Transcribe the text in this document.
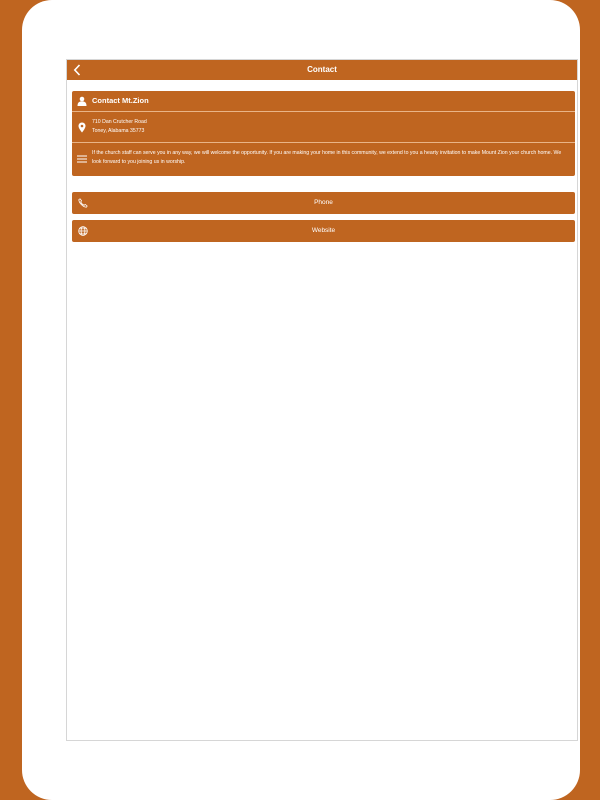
Contact
Contact Mt.Zion
710 Dan Crutcher Road
Toney, Alabama 35773
If the church staff can serve you in any way, we will welcome the opportunity. If you are making your home in this community, we extend to you a hearty invitation to make Mount Zion your church home. We look forward to you joining us in worship.
Phone
Website
